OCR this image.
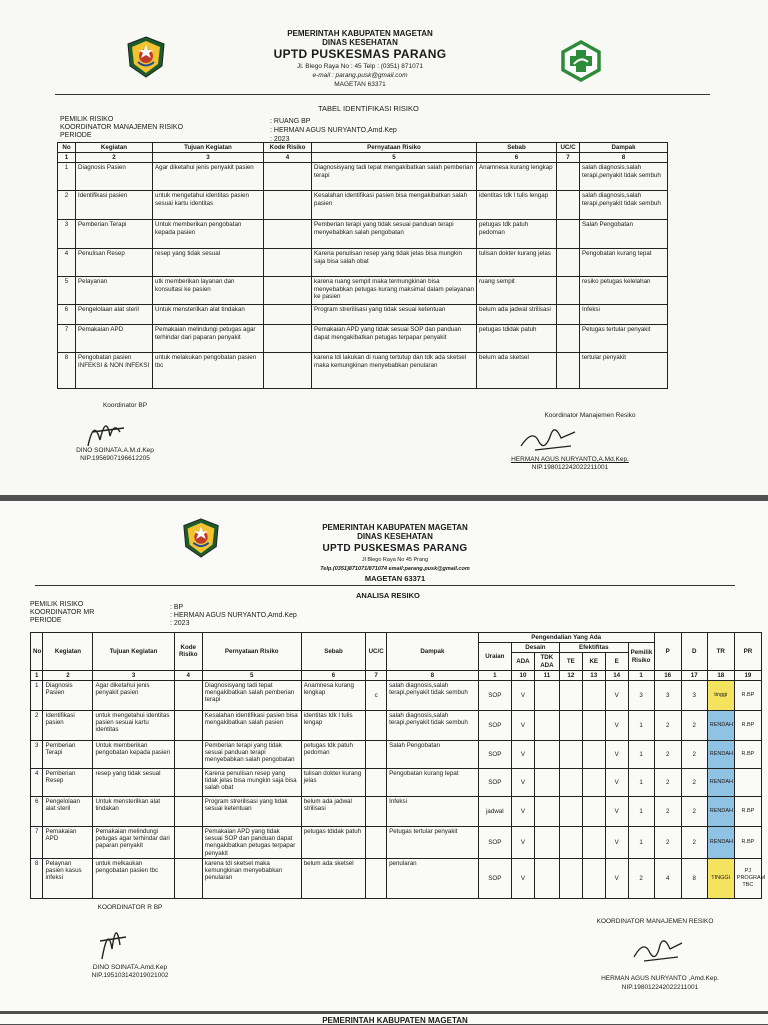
PEMERINTAH KABUPATEN MAGETAN
DINAS KESEHATAN
UPTD PUSKESMAS PARANG
Jl. Blego Raya No : 45 Telp : (0351) 871071
e-mail : parang.pusk@gmail.com
MAGETAN 63371
TABEL IDENTIFIKASI RISIKO
PEMILIK RISIKO	: RUANG BP
KOORDINATOR MANAJEMEN RISIKO	: HERMAN AGUS NURYANTO,Amd.Kep
PERIODE
: 2023
No	Kegiatan	Tujuan Kegiatan	Kode Risiko	Pernyataan Risiko	Sebab	UC/C	Dampak
1	2	3	4	5	6	7	8
1	Diagnosis Pasien	Agar diketahui jenis penyakit pasien		Diagnosisyang tadi tepat mengakibatkan salah pemberian terapi	Anamnesa kurang lengkap		salah diagnosis,salah terapi,penyakit tidak sembuh
2	Identifikasi pasien	untuk mengetahui identitas pasien sesuai kartu identitas		Kesalahan identifikasi pasien bisa mengakibatkan salah pasien	identitas tdk l tulis lengap		salah diagnosis,salah terapi,penyakit tidak sembuh
3	Pemberian Terapi	Untuk memberikan pengobatan kepada pasien		Pemberian terapi yang tidak sesuai panduan terapi menyebabkan salah pengobatan	petugas tdk patuh pedoman		Salah Pengobatan
4	Penulisan Resep	resep yang tidak sesual		Karena penulisan resep yang tidak jelas bisa mungkin saja bisa salah obat	tulisan dokter kurang jelas		Pengobatan kurang tepat
5	Pelayanan	utk memberikan layanan dan konsultasi ke pasien		karena ruang sempit maka termungkinan bisa menyebabkan petugas kurang maksimal dalam pelayanan ke pasien	ruang sempit		resiko petugas kelelahan
6	Pengelolaan alat steril	Untuk mensterilkan alat tindakan		Program strerilisasi yang tidak sesuai ketentuan	belum ada jadwal strilisasi		Infeksi
7	Pemakaian APD	Pemakaian melindungi petugas agar terhindar dari paparan penyakit		Pemakaian APD yang tidak sesuai SOP dan panduan dapat mengakibatkan petugas terpapar penyakit	petugas tdidak patuh		Petugas tertular penyakit
8	Pengobatan pasien INFEKSI & NON INFEKSI	untuk melakukan pengobatan pasien tbc		karena tdi lakukan di ruang tertutup dan tdk ada sketsel maka kemungkinan menyebabkan penularan	belum ada sketsel		tertular penyakit
Koordinator BP
DINO SOINATA.A.M.d.Kep
NIP.1956907196612205
Koordinator Manajemen Resiko
HERMAN AGUS NURYANTO,A.Md.Kep.
NIP.198012242022211001
PEMERINTAH KABUPATEN MAGETAN
DINAS KESEHATAN
UPTD PUSKESMAS PARANG
Jl Blego Raya No 45 Prang
Telp.(0351)871071/871074 email:parang.pusk@gmail.com
MAGETAN 63371
ANALISA RESIKO
PEMILIK RISIKO	: BP
KOORDINATOR MR	: HERMAN AGUS NURYANTO,Amd.Kep
PERIODE	: 2023
No	Kegiatan	Tujuan Kegiatan	Kode Risiko	Pernyataan Risiko	Sebab	UC/C	Dampak	Pengendalian Yang Ada							P	D	TR	PR
								Uraian	Desain		Efektifitas			Pemilik Risiko				
									ADA	TDK ADA	TE	KE	E					

1	2	3	4	5	6	7	8	1	10	11	12	13	14	1	16	17	18	19
1	Diagnosis Pasien	Agar diketahui jenis penyakit pasien		Diagnosisyang tadi tepat mengakibatkan salah pemberian terapi	Anamnesa kurang lengkap	c	salah diagnosis,salah terapi,penyakit tidak sembuh	SOP	V				V	3	3	3	tinggi	R.BP
2	Identifikasi pasien	untuk mengetahui identitas pasien sesuai kartu identitas		Kesalahan identifikasi pasien bisa mengakibatkan salah pasien	identitas tdk l tulis lengap		salah diagnosis,salah terapi,penyakit tidak sembuh	SOP	V				V	1	2	2	RENDAH	R.BP
3	Pemberian Terapi	Untuk memberikan pengobatan kepada pasien		Pemberian terapi yang tidak sesuai panduan terapi menyebabkan salah pengobatan	petugas tdk patuh pedoman		Salah Pengobatan	SOP	V				V	1	2	2	RENDAH	R.BP
4	Pemberian Resep	resep yang tidak sesual		Karena penulisan resep yang tidak jelas bisa mungkin saja bisa salah obat	tulisan dokter kurang jelas		Pengobatan kurang tepat	SOP	V				V	1	2	2	RENDAH	
6	Pengelolaan alat steril	Untuk mensterilkan alat tindakan		Program strerilisasi yang tidak sesuai ketentuan	belum ada jadwal strilisasi		Infeksi	jadwal	V				V	1	2	2	RENDAH	R.BP
7	Pemakaian APD	Pemakaian melindungi petugas agar terhindar dari paparan penyakit		Pemakaian APD yang tidak sesuai SOP dan panduan dapat mengakibatkan petugas terpapar penyakit	petugas tdidak patuh		Petugas tertular penyakit	SOP	V				V	1	2	2	RENDAH	R.BP
8	Pelaynan pasien kasus infeksi	untuk melkaukan pengobatan pasien tbc		karena tdi sketsel maka kemungkinan menyebabkan penularan	belum ada sketsel		penularan	SOP	V				V	2	4	8	TINGGI	PJ PROGRAM TBC
KOORDINATOR R BP
DINO SOINATA.Amd.Kep
NIP.195103142019021002
KOORDINATOR MANAJEMEN RESIKO
HERMAN AGUS NURYANTO ,Amd.Kep.
NIP.198012242022211001
PEMERINTAH KABUPATEN MAGETAN
